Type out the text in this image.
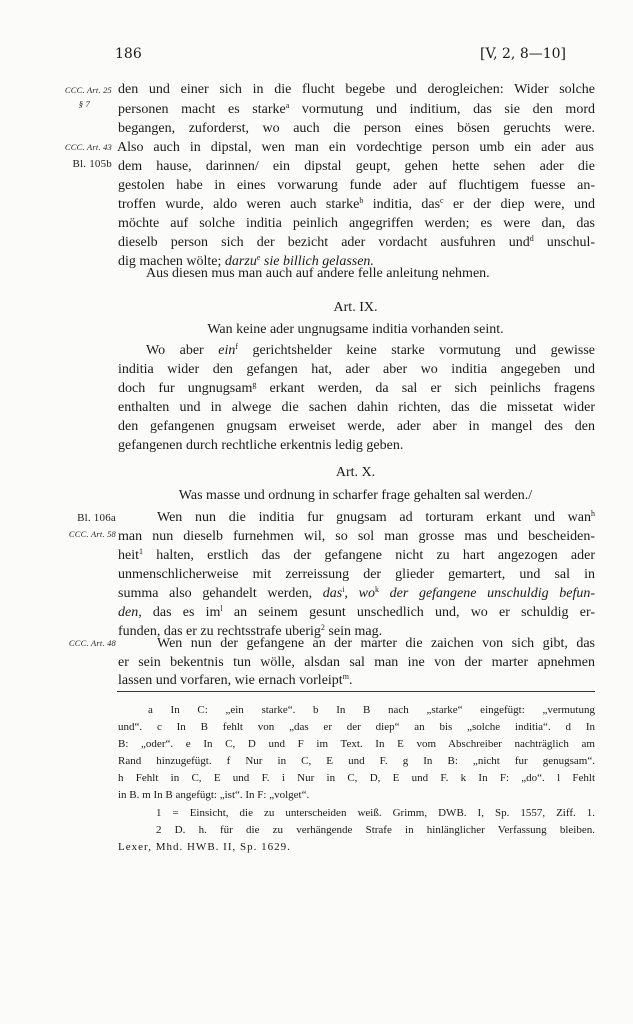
186	[V, 2, 8—10]
CCC. Art. 25
§ 7
CCC. Art. 43
Bl. 105b
Bl. 106a
CCC. Art. 58
CCC. Art. 48
den und einer sich in die flucht begebe und derogleichen: Wider solche
personen macht es starke$^a$ vormutung und inditium, das sie den mord
begangen, zuforderst, wo auch die person eines bösen geruchts were.
Also auch in dipstal, wen man ein vordechtige person umb ein ader aus
dem hause, darinnen/ ein dipstal geupt, gehen hette sehen ader die
gestolen habe in eines vorwarung funde ader auf fluchtigem fuesse an-
troffen wurde, aldo weren auch starke$^b$ inditia, das$^c$ er der diep were, und
möchte auf solche inditia peinlich angegriffen werden; es were dan, das
dieselb person sich der bezicht ader vordacht ausfuhren und$^d$ unschul-
dig machen wölte; darzu$^e$ sie billich gelassen.
Aus diesen mus man auch auf andere felle anleitung nehmen.
Art. IX.
Wan keine ader ungnugsame inditia vorhanden seint.
Wo aber ein$^f$ gerichtshelder keine starke vormutung und gewisse
inditia wider den gefangen hat, ader aber wo inditia angegeben und
doch fur ungnugsam$^g$ erkant werden, da sal er sich peinlichs fragens
enthalten und in alwege die sachen dahin richten, das die missetat wider
den gefangenen gnugsam erweiset werde, ader aber in mangel des den
gefangenen durch rechtliche erkentnis ledig geben.
Art. X.
Was masse und ordnung in scharfer frage gehalten sal werden./
Wen nun die inditia fur gnugsam ad torturam erkant und wan$^h$
man nun dieselb furnehmen wil, so sol man grosse mas und bescheiden-
heit$^1$ halten, erstlich das der gefangene nicht zu hart angezogen ader
unmenschlicherweise mit zerreissung der glieder gemartert, und sal in
summa also gehandelt werden, das$^i$, $wo^k$ der gefangene unschuldig befun-
den, das es $im^l$ an seinem gesunt unschedlich und, wo er schuldig er-
funden, das er zu rechtsstrafe uberig$^2$ sein mag.
Wen nun der gefangene an der marter die zaichen von sich gibt, das
er sein bekentnis tun wölle, alsdan sal man ine von der marter apnehmen
lassen und vorfaren, wie ernach vorleipt$^m$.
a In C: „ein starke“. b In B nach „starke“ eingefügt: „vermutung
und“. c In B fehlt von „das er der diep“ an bis „solche inditia“. d In
B: „oder“. e In C, D und F im Text. In E vom Abschreiber nachträglich am
Rand hinzugefügt. f Nur in C, E und F. g In B: „nicht fur genugsam“.
h Fehlt in C, E und F. i Nur in C, D, E und F. k In F: „do“. l Fehlt
in B. m In B angefügt: „ist“. In F: „volget“.
1 = Einsicht, die zu unterscheiden weiß. Grimm, DWB. I, Sp. 1557, Ziff. 1.
2 D. h. für die zu verhängende Strafe in hinlänglicher Verfassung bleiben.
Lexer, Mhd. HWB. II, Sp. 1629.
